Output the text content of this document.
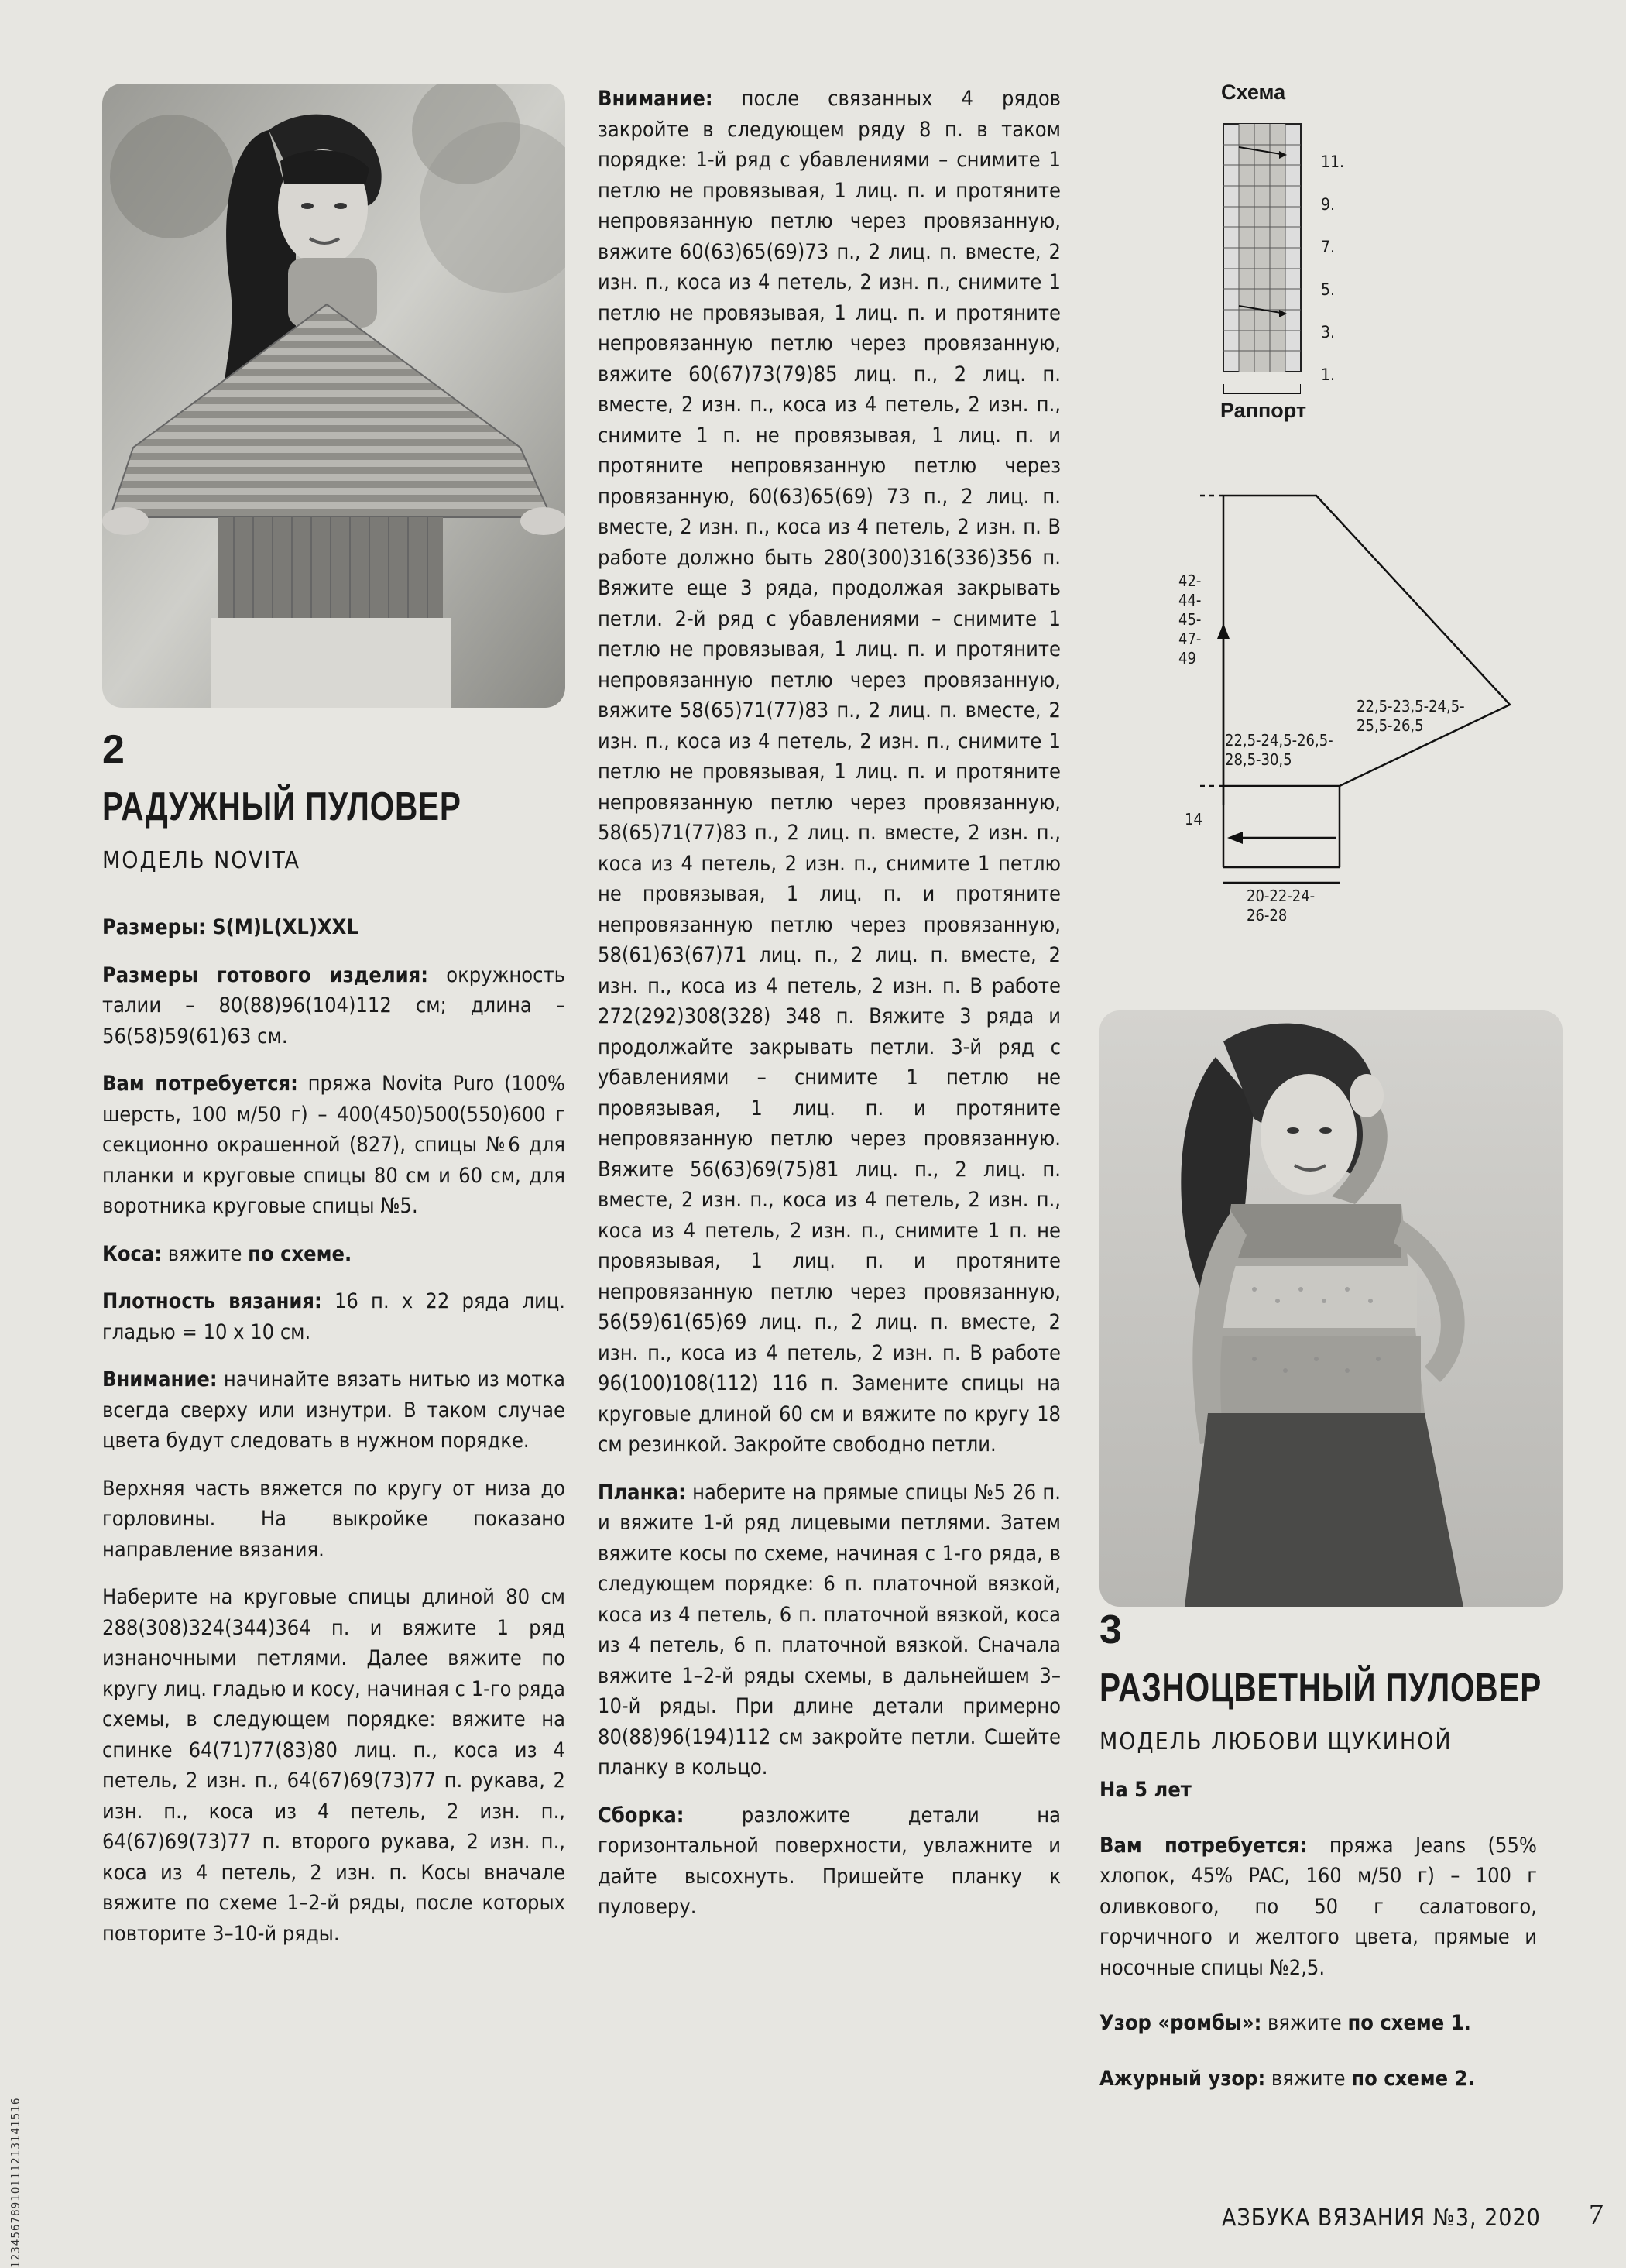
2
РАДУЖНЫЙ ПУЛОВЕР
МОДЕЛЬ NOVITA

Размеры: S(M)L(XL)XXL

Размеры готового изделия: окружность талии – 80(88)96(104)112 см; длина – 56(58)59(61)63 см.

Вам потребуется: пряжа Novita Puro (100% шерсть, 100 м/50 г) – 400(450)500(550)600 г секционно окрашенной (827), спицы №6 для планки и круговые спицы 80 см и 60 см, для воротника круговые спицы №5.

Коса: вяжите по схеме.

Плотность вязания: 16 п. х 22 ряда лиц. гладью = 10 х 10 см.

Внимание: начинайте вязать нитью из мотка всегда сверху или изнутри. В таком случае цвета будут следовать в нужном порядке.

Верхняя часть вяжется по кругу от низа до горловины. На выкройке показано направление вязания.

Наберите на круговые спицы длиной 80 см 288(308)324(344)364 п. и вяжите 1 ряд изнаночными петлями. Далее вяжите по кругу лиц. гладью и косу, начиная с 1-го ряда схемы, в следующем порядке: вяжите на спинке 64(71)77(83)80 лиц. п., косa из 4 петель, 2 изн. п., 64(67)69(73)77 п. рукава, 2 изн. п., коса из 4 петель, 2 изн. п., 64(67)69(73)77 п. второго рукава, 2 изн. п., коса из 4 петель, 2 изн. п. Косы вначале вяжите по схеме 1–2-й ряды, после которых повторите 3–10-й ряды.

Внимание: после связанных 4 рядов закройте в следующем ряду 8 п. в таком порядке: 1-й ряд с убавлениями – снимите 1 петлю не провязывая, 1 лиц. п. и протяните непровязанную петлю через провязанную, вяжите 60(63)65(69)73 п., 2 лиц. п. вместе, 2 изн. п., коса из 4 петель, 2 изн. п., снимите 1 петлю не провязывая, 1 лиц. п. и протяните непровязанную петлю через провязанную, вяжите 60(67)73(79)85 лиц. п., 2 лиц. п. вместе, 2 изн. п., коса из 4 петель, 2 изн. п., снимите 1 п. не провязывая, 1 лиц. п. и протяните непровязанную петлю через провязанную, 60(63)65(69) 73 п., 2 лиц. п. вместе, 2 изн. п., коса из 4 петель, 2 изн. п. В работе должно быть 280(300)316(336)356 п. Вяжите еще 3 ряда, продолжая закрывать петли. 2-й ряд с убавлениями – снимите 1 петлю не провязывая, 1 лиц. п. и протяните непровязанную петлю через провязанную, вяжите 58(65)71(77)83 п., 2 лиц. п. вместе, 2 изн. п., коса из 4 петель, 2 изн. п., снимите 1 петлю не провязывая, 1 лиц. п. и протяните непровязанную петлю через провязанную, 58(65)71(77)83 п., 2 лиц. п. вместе, 2 изн. п., коса из 4 петель, 2 изн. п., снимите 1 петлю не провязывая, 1 лиц. п. и протяните непровязанную петлю через провязанную, 58(61)63(67)71 лиц. п., 2 лиц. п. вместе, 2 изн. п., коса из 4 петель, 2 изн. п. В работе 272(292)308(328) 348 п. Вяжите 3 ряда и продолжайте закрывать петли. 3-й ряд с убавлениями – снимите 1 петлю не провязывая, 1 лиц. п. и протяните непровязанную петлю через провязанную. Вяжите 56(63)69(75)81 лиц. п., 2 лиц. п. вместе, 2 изн. п., коса из 4 петель, 2 изн. п., коса из 4 петель, 2 изн. п., снимите 1 п. не провязывая, 1 лиц. п. и протяните непровязанную петлю через провязанную, 56(59)61(65)69 лиц. п., 2 лиц. п. вместе, 2 изн. п., коса из 4 петель, 2 изн. п. В работе 96(100)108(112) 116 п. Замените спицы на круговые длиной 60 см и вяжите по кругу 18 см резинкой. Закройте свободно петли.

Планка: наберите на прямые спицы №5 26 п. и вяжите 1-й ряд лицевыми петлями. Затем вяжите косы по схеме, начиная с 1-го ряда, в следующем порядке: 6 п. платочной вязкой, коса из 4 петель, 6 п. платочной вязкой, коса из 4 петель, 6 п. платочной вязкой. Сначала вяжите 1–2-й ряды схемы, в дальнейшем 3–10-й ряды. При длине детали примерно 80(88)96(194)112 см закройте петли. Сшейте планку в кольцо.

Сборка: разложите детали на горизонтальной поверхности, увлажните и дайте высохнуть. Пришейте планку к пуловеру.

Схема
11.
9.
7.
5.
3.
1.
Раппорт
42-
44-
45-
47-
49
22,5-23,5-24,5-
25,5-26,5
22,5-24,5-26,5-
28,5-30,5
14
20-22-24-
26-28
3
РАЗНОЦВЕТНЫЙ ПУЛОВЕР
МОДЕЛЬ ЛЮБОВИ ЩУКИНОЙ

На 5 лет

Вам потребуется: пряжа Jeans (55% хлопок, 45% PAC, 160 м/50 г) – 100 г оливкового, по 50 г салатового, горчичного и желтого цвета, прямые и носочные спицы №2,5.

Узор «ромбы»: вяжите по схеме 1.

Ажурный узор: вяжите по схеме 2.

АЗБУКА ВЯЗАНИЯ №3, 2020 7
12345678910111213141516
